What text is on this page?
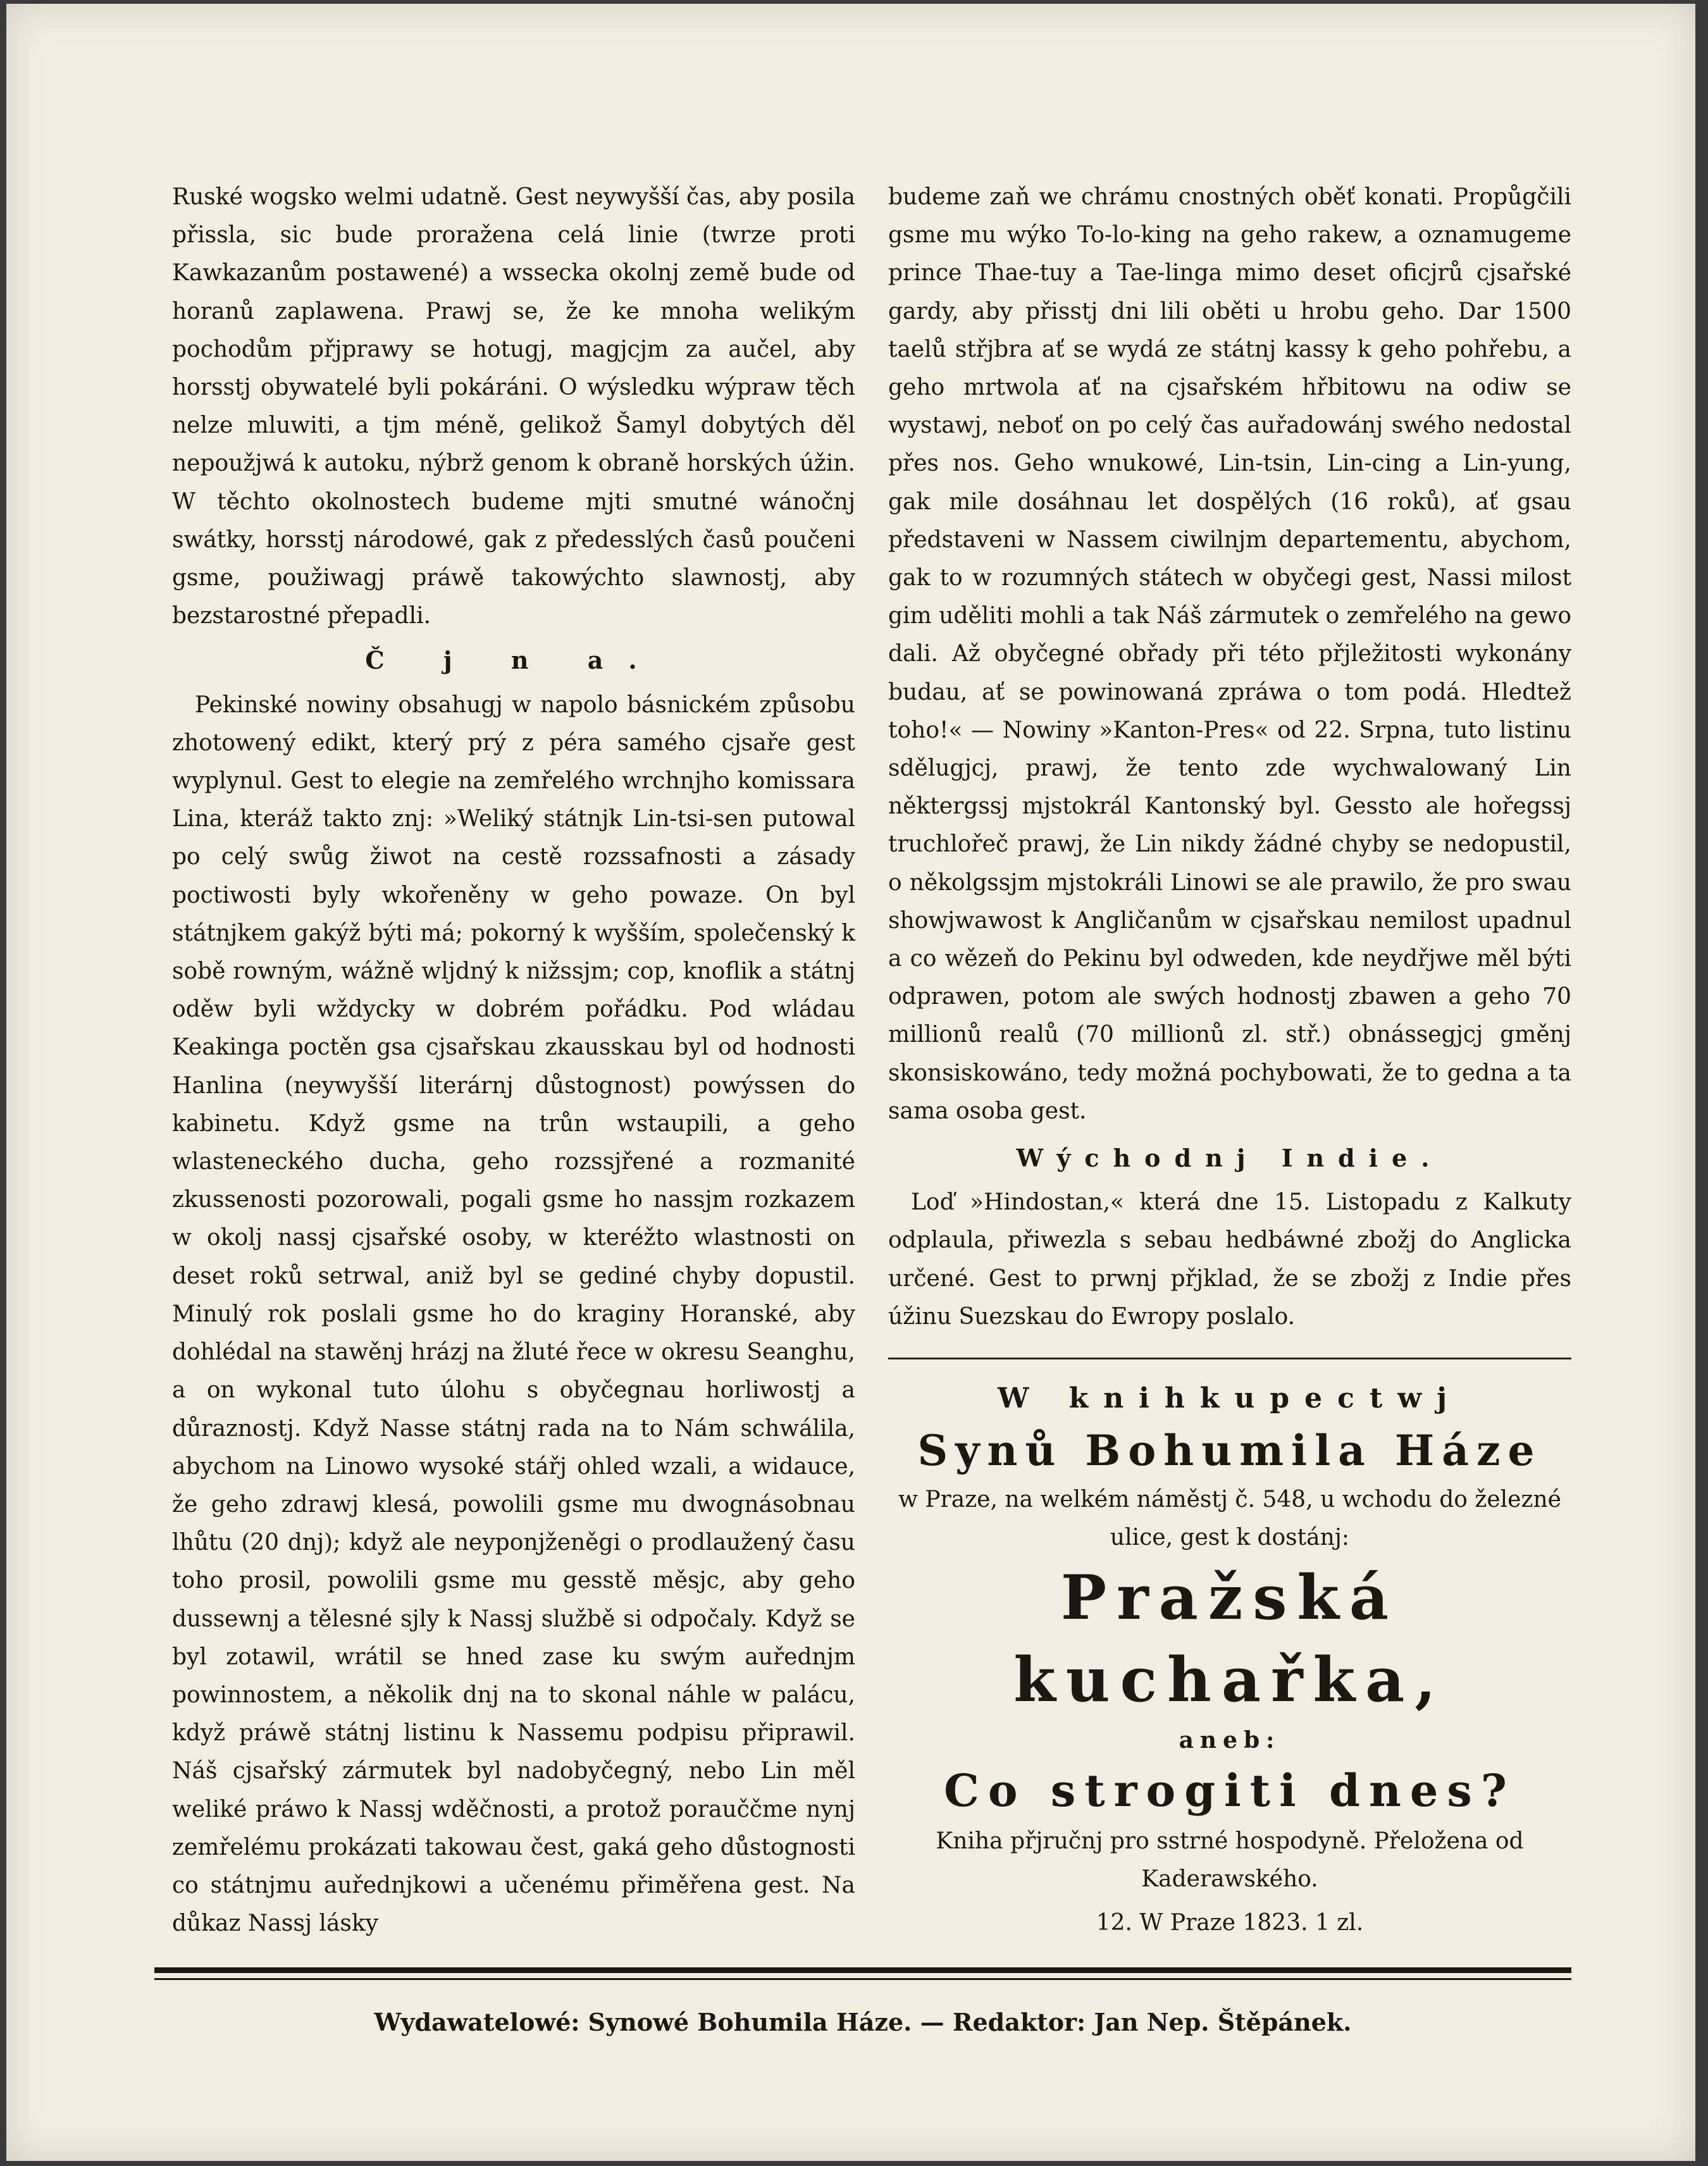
Ruské wogsko welmi udatně. Gest neywyšší čas, aby posila přissla, sic bude proražena celá linie (twrze proti Kawkazanům postawené) a wssecka okolnj země bude od horanů zaplawena. Prawj se, že ke mnoha welikým pochodům přjprawy se hotugj, magjcjm za aučel, aby horsstj obywatelé byli pokáráni. O wýsledku wýpraw těch nelze mluwiti, a tjm méně, gelikož Šamyl dobytých děl nepoužjwá k autoku, nýbrž genom k obraně horských úžin. W těchto okolnostech budeme mjti smutné wánočnj swátky, horsstj národowé, gak z předesslých časů poučeni gsme, použiwagj práwě takowýchto slawnostj, aby bezstarostné přepadli.

Č j n a.

Pekinské nowiny obsahugj w napolo básnickém způsobu zhotowený edikt, který prý z péra samého cjsaře gest wyplynul. Gest to elegie na zemřelého wrchnjho komissara Lina, kteráž takto znj: »Weliký státnjk Lin-tsi-sen putowal po celý swůg žiwot na cestě rozssafnosti a zásady poctiwosti byly wkořeněny w geho powaze. On byl státnjkem gakýž býti má; pokorný k wyšším, společenský k sobě rowným, wážně wljdný k nižssjm; cop, knoflik a státnj oděw byli wždycky w dobrém pořádku. Pod wládau Keakinga poctěn gsa cjsařskau zkausskau byl od hodnosti Hanlina (neywyšší literárnj důstognost) powýssen do kabinetu. Když gsme na trůn wstaupili, a geho wlasteneckého ducha, geho rozssjřené a rozmanité zkussenosti pozorowali, pogali gsme ho nassjm rozkazem w okolj nassj cjsařské osoby, w kteréžto wlastnosti on deset roků setrwal, aniž byl se gediné chyby dopustil. Minulý rok poslali gsme ho do kraginy Horanské, aby dohlédal na stawěnj hrázj na žluté řece w okresu Seanghu, a on wykonal tuto úlohu s obyčegnau horliwostj a důraznostj. Když Nasse státnj rada na to Nám schwálila, abychom na Linowo wysoké stářj ohled wzali, a widauce, že geho zdrawj klesá, powolili gsme mu dwognásobnau lhůtu (20 dnj); když ale neyponjženěgi o prodlaužený času toho prosil, powolili gsme mu gesstě měsjc, aby geho dussewnj a tělesné sjly k Nassj službě si odpočaly. Když se byl zotawil, wrátil se hned zase ku swým auřednjm powinnostem, a několik dnj na to skonal náhle w palácu, když práwě státnj listinu k Nassemu podpisu připrawil. Náš cjsařský zármutek byl nadobyčegný, nebo Lin měl weliké práwo k Nassj wděčnosti, a protož porauččme nynj zemřelému prokázati takowau čest, gaká geho důstognosti co státnjmu auřednjkowi a učenému přiměřena gest. Na důkaz Nassj lásky

budeme zaň we chrámu cnostných oběť konati. Propůgčili gsme mu wýko To-lo-king na geho rakew, a oznamugeme prince Thae-tuy a Tae-linga mimo deset oficjrů cjsařské gardy, aby přisstj dni lili oběti u hrobu geho. Dar 1500 taelů střjbra ať se wydá ze státnj kassy k geho pohřebu, a geho mrtwola ať na cjsařském hřbitowu na odiw se wystawj, neboť on po celý čas auřadowánj swého nedostal přes nos. Geho wnukowé, Lin-tsin, Lin-cing a Lin-yung, gak mile dosáhnau let dospělých (16 roků), ať gsau představeni w Nassem ciwilnjm departementu, abychom, gak to w rozumných státech w obyčegi gest, Nassi milost gim uděliti mohli a tak Náš zármutek o zemřelého na gewo dali. Až obyčegné obřady při této přjležitosti wykonány budau, ať se powinowaná zpráwa o tom podá. Hledtež toho!« — Nowiny »Kanton-Pres« od 22. Srpna, tuto listinu sdělugjcj, prawj, že tento zde wychwalowaný Lin některgssj mjstokrál Kantonský byl. Gessto ale hořegssj truchlořeč prawj, že Lin nikdy žádné chyby se nedopustil, o několgssjm mjstokráli Linowi se ale prawilo, že pro swau showjwawost k Angličanům w cjsařskau nemilost upadnul a co wězeň do Pekinu byl odweden, kde neydřjwe měl býti odprawen, potom ale swých hodnostj zbawen a geho 70 millionů realů (70 millionů zl. stř.) obnássegjcj gměnj skonsiskowáno, tedy možná pochybowati, že to gedna a ta sama osoba gest.

Wýchodnj Indie.

Loď »Hindostan,« která dne 15. Listopadu z Kalkuty odplaula, přiwezla s sebau hedbáwné zbožj do Anglicka určené. Gest to prwnj přjklad, že se zbožj z Indie přes úžinu Suezskau do Ewropy poslalo.

W knihkupectwj
Synů Bohumila Háze
w Praze, na welkém náměstj č. 548, u wchodu do železné ulice, gest k dostánj:
Pražská kuchařka,
aneb:
Co strogiti dnes?
Kniha přjručnj pro sstrné hospodyně. Přeložena od Kaderawského.
12. W Praze 1823. 1 zl.
Wydawatelowé: Synowé Bohumila Háze. — Redaktor: Jan Nep. Štěpánek.
